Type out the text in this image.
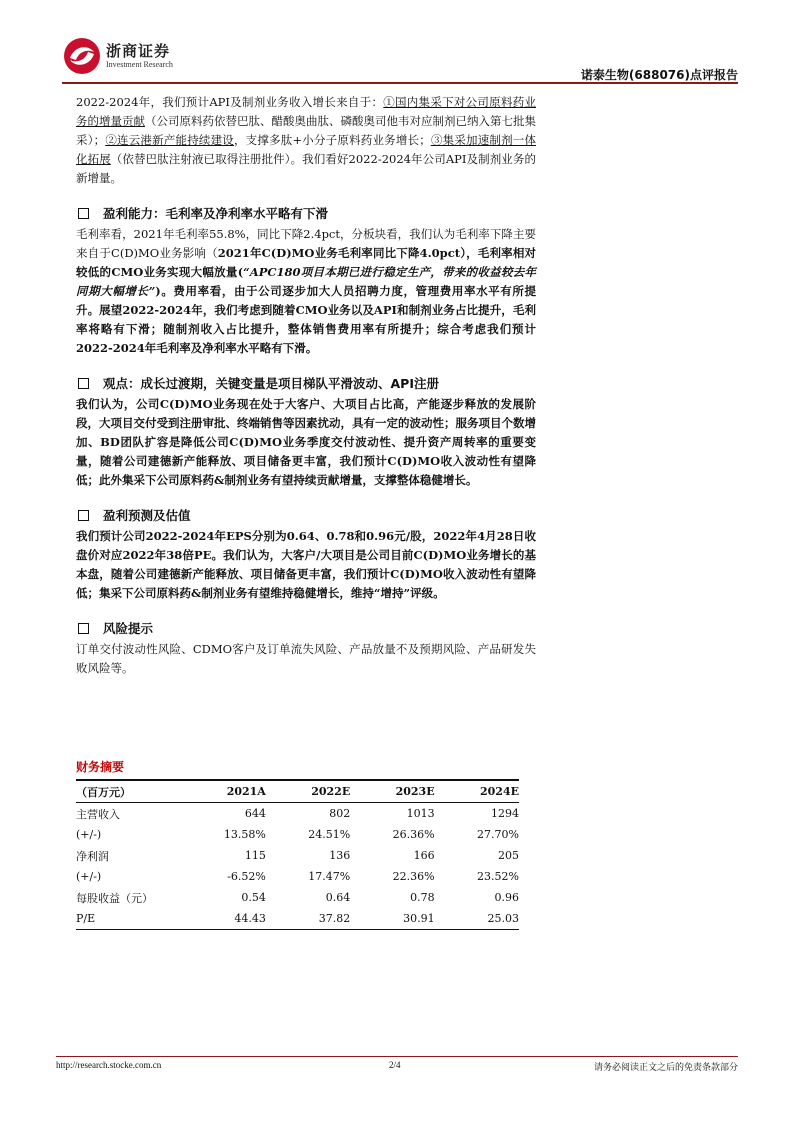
浙商证券
Investment Research
诺泰生物(688076)点评报告

2022-2024年，我们预计API及制剂业务收入增长来自于：①国内集采下对公司原料药业务的增量贡献（公司原料药依替巴肽、醋酸奥曲肽、磷酸奥司他韦对应制剂已纳入第七批集采）；②连云港新产能持续建设，支撑多肽+小分子原料药业务增长；③集采加速制剂一体化拓展（依替巴肽注射液已取得注册批件）。我们看好2022-2024年公司API及制剂业务的新增量。

盈利能力：毛利率及净利率水平略有下滑

毛利率看，2021年毛利率55.8%，同比下降2.4pct，分板块看，我们认为毛利率下降主要来自于C(D)MO业务影响（2021年C(D)MO业务毛利率同比下降4.0pct），毛利率相对较低的CMO业务实现大幅放量(“APC180项目本期已进行稳定生产，带来的收益较去年同期大幅增长”)。费用率看，由于公司逐步加大人员招聘力度，管理费用率水平有所提升。展望2022-2024年，我们考虑到随着CMO业务以及API和制剂业务占比提升，毛利率将略有下滑；随制剂收入占比提升，整体销售费用率有所提升；综合考虑我们预计2022-2024年毛利率及净利率水平略有下滑。

观点：成长过渡期，关键变量是项目梯队平滑波动、API注册

我们认为，公司C(D)MO业务现在处于大客户、大项目占比高，产能逐步释放的发展阶段，大项目交付受到注册审批、终端销售等因素扰动，具有一定的波动性；服务项目个数增加、BD团队扩容是降低公司C(D)MO业务季度交付波动性、提升资产周转率的重要变量，随着公司建德新产能释放、项目储备更丰富，我们预计C(D)MO收入波动性有望降低；此外集采下公司原料药&制剂业务有望持续贡献增量，支撑整体稳健增长。

盈利预测及估值

我们预计公司2022-2024年EPS分别为0.64、0.78和0.96元/股，2022年4月28日收盘价对应2022年38倍PE。我们认为，大客户/大项目是公司目前C(D)MO业务增长的基本盘，随着公司建德新产能释放、项目储备更丰富，我们预计C(D)MO收入波动性有望降低；集采下公司原料药&制剂业务有望维持稳健增长，维持“增持”评级。

风险提示

订单交付波动性风险、CDMO客户及订单流失风险、产品放量不及预期风险、产品研发失败风险等。

财务摘要
（百万元）	2021A	2022E	2023E	2024E
主营收入	644	802	1013	1294
(+/-)	13.58%	24.51%	26.36%	27.70%
净利润	115	136	166	205
(+/-)	-6.52%	17.47%	22.36%	23.52%
每股收益（元）	0.54	0.64	0.78	0.96
P/E	44.43	37.82	30.91	25.03
http://research.stocke.com.cn	2/4	请务必阅读正文之后的免责条款部分
